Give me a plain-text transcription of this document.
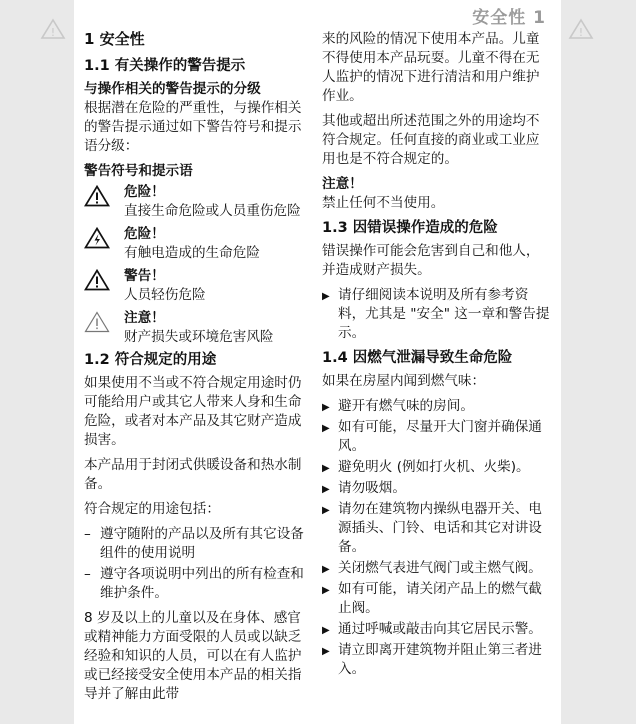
!	!
安全性 1
1 安全性
1.1 有关操作的警告提示
与操作相关的警告提示的分级

根据潜在危险的严重性，与操作相关的警告提示通过如下警告符号和提示语分级：

警告符号和提示语
危险！
直接生命危险或人员重伤危险
危险！
有触电造成的生命危险
警告！
人员轻伤危险
注意！
财产损失或环境危害风险
1.2 符合规定的用途

如果使用不当或不符合规定用途时仍可能给用户或其它人带来人身和生命危险，或者对本产品及其它财产造成损害。

本产品用于封闭式供暖设备和热水制备。

符合规定的用途包括：

– 遵守随附的产品以及所有其它设备组件的使用说明
– 遵守各项说明中列出的所有检查和维护条件。

8 岁及以上的儿童以及在身体、感官或精神能力方面受限的人员或以缺乏经验和知识的人员，可以在有人监护或已经接受安全使用本产品的相关指导并了解由此带

来的风险的情况下使用本产品。儿童不得使用本产品玩耍。儿童不得在无人监护的情况下进行清洁和用户维护作业。

其他或超出所述范围之外的用途均不符合规定。任何直接的商业或工业应用也是不符合规定的。

注意！

禁止任何不当使用。

1.3 因错误操作造成的危险

错误操作可能会危害到自己和他人，并造成财产损失。

▶ 请仔细阅读本说明及所有参考资料，尤其是 "安全" 这一章和警告提示。
1.4 因燃气泄漏导致生命危险

如果在房屋内闻到燃气味：

▶ 避开有燃气味的房间。
▶ 如有可能，尽量开大门窗并确保通风。
▶ 避免明火 (例如打火机、火柴)。
▶ 请勿吸烟。
▶ 请勿在建筑物内操纵电器开关、电源插头、门铃、电话和其它对讲设备。
▶ 关闭燃气表进气阀门或主燃气阀。
▶ 如有可能，请关闭产品上的燃气截止阀。
▶ 通过呼喊或敲击向其它居民示警。
▶ 请立即离开建筑物并阻止第三者进入。
